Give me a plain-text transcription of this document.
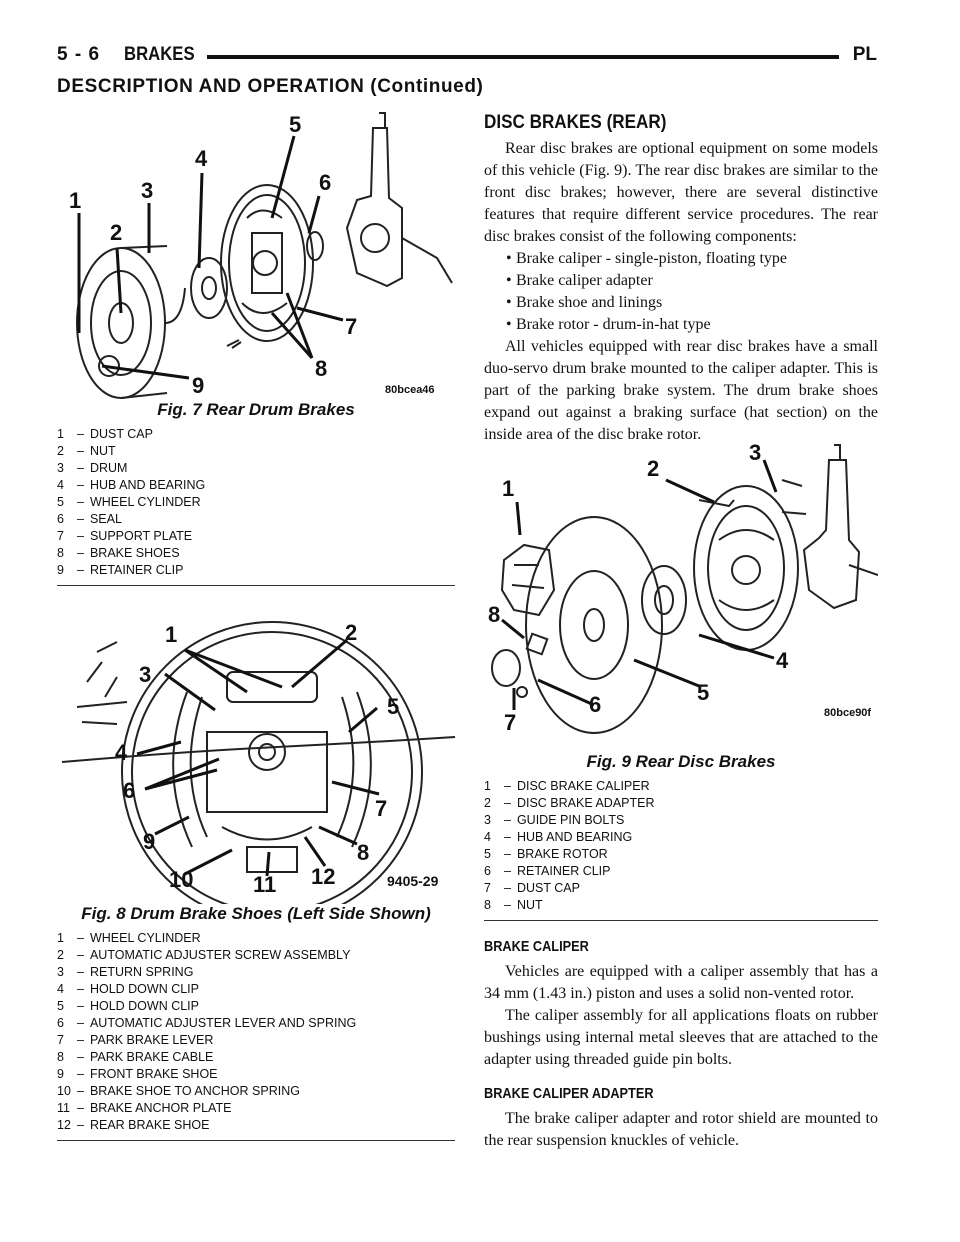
5 - 6 BRAKES	PL
DESCRIPTION AND OPERATION (Continued)
1
2
3
4
5
6
7
8
9	80bcea46
Fig. 7 Rear Drum Brakes
1 – DUST CAP
2 – NUT
3 – DRUM
4 – HUB AND BEARING
5 – WHEEL CYLINDER
6 – SEAL
7 – SUPPORT PLATE
8 – BRAKE SHOES
9 – RETAINER CLIP
1	2
3
4
5
6
7
8
9
10	11 12	9405-29
Fig. 8 Drum Brake Shoes (Left Side Shown)
1 – WHEEL CYLINDER
2 – AUTOMATIC ADJUSTER SCREW ASSEMBLY
3 – RETURN SPRING
4 – HOLD DOWN CLIP
5 – HOLD DOWN CLIP
6 – AUTOMATIC ADJUSTER LEVER AND SPRING
7 – PARK BRAKE LEVER
8 – PARK BRAKE CABLE
9 – FRONT BRAKE SHOE
10 – BRAKE SHOE TO ANCHOR SPRING
11 – BRAKE ANCHOR PLATE
12 – REAR BRAKE SHOE
DISC BRAKES (REAR)

Rear disc brakes are optional equipment on some models of this vehicle (Fig. 9). The rear disc brakes are similar to the front disc brakes; however, there are several distinctive features that require different service procedures. The rear disc brakes consist of the following components:

• Brake caliper - single-piston, floating type
• Brake caliper adapter
• Brake shoe and linings
• Brake rotor - drum-in-hat type

All vehicles equipped with rear disc brakes have a small duo-servo drum brake mounted to the caliper adapter. This is part of the parking brake system. The drum brake shoes expand out against a braking surface (hat section) on the inside area of the disc brake rotor.

1
2
3
4
5
6
7
8
80bce90f
Fig. 9 Rear Disc Brakes
1 – DISC BRAKE CALIPER
2 – DISC BRAKE ADAPTER
3 – GUIDE PIN BOLTS
4 – HUB AND BEARING
5 – BRAKE ROTOR
6 – RETAINER CLIP
7 – DUST CAP
8 – NUT
BRAKE CALIPER

Vehicles are equipped with a caliper assembly that has a 34 mm (1.43 in.) piston and uses a solid non-vented rotor.

The caliper assembly for all applications floats on rubber bushings using internal metal sleeves that are attached to the adapter using threaded guide pin bolts.

BRAKE CALIPER ADAPTER

The brake caliper adapter and rotor shield are mounted to the rear suspension knuckles of vehicle.
